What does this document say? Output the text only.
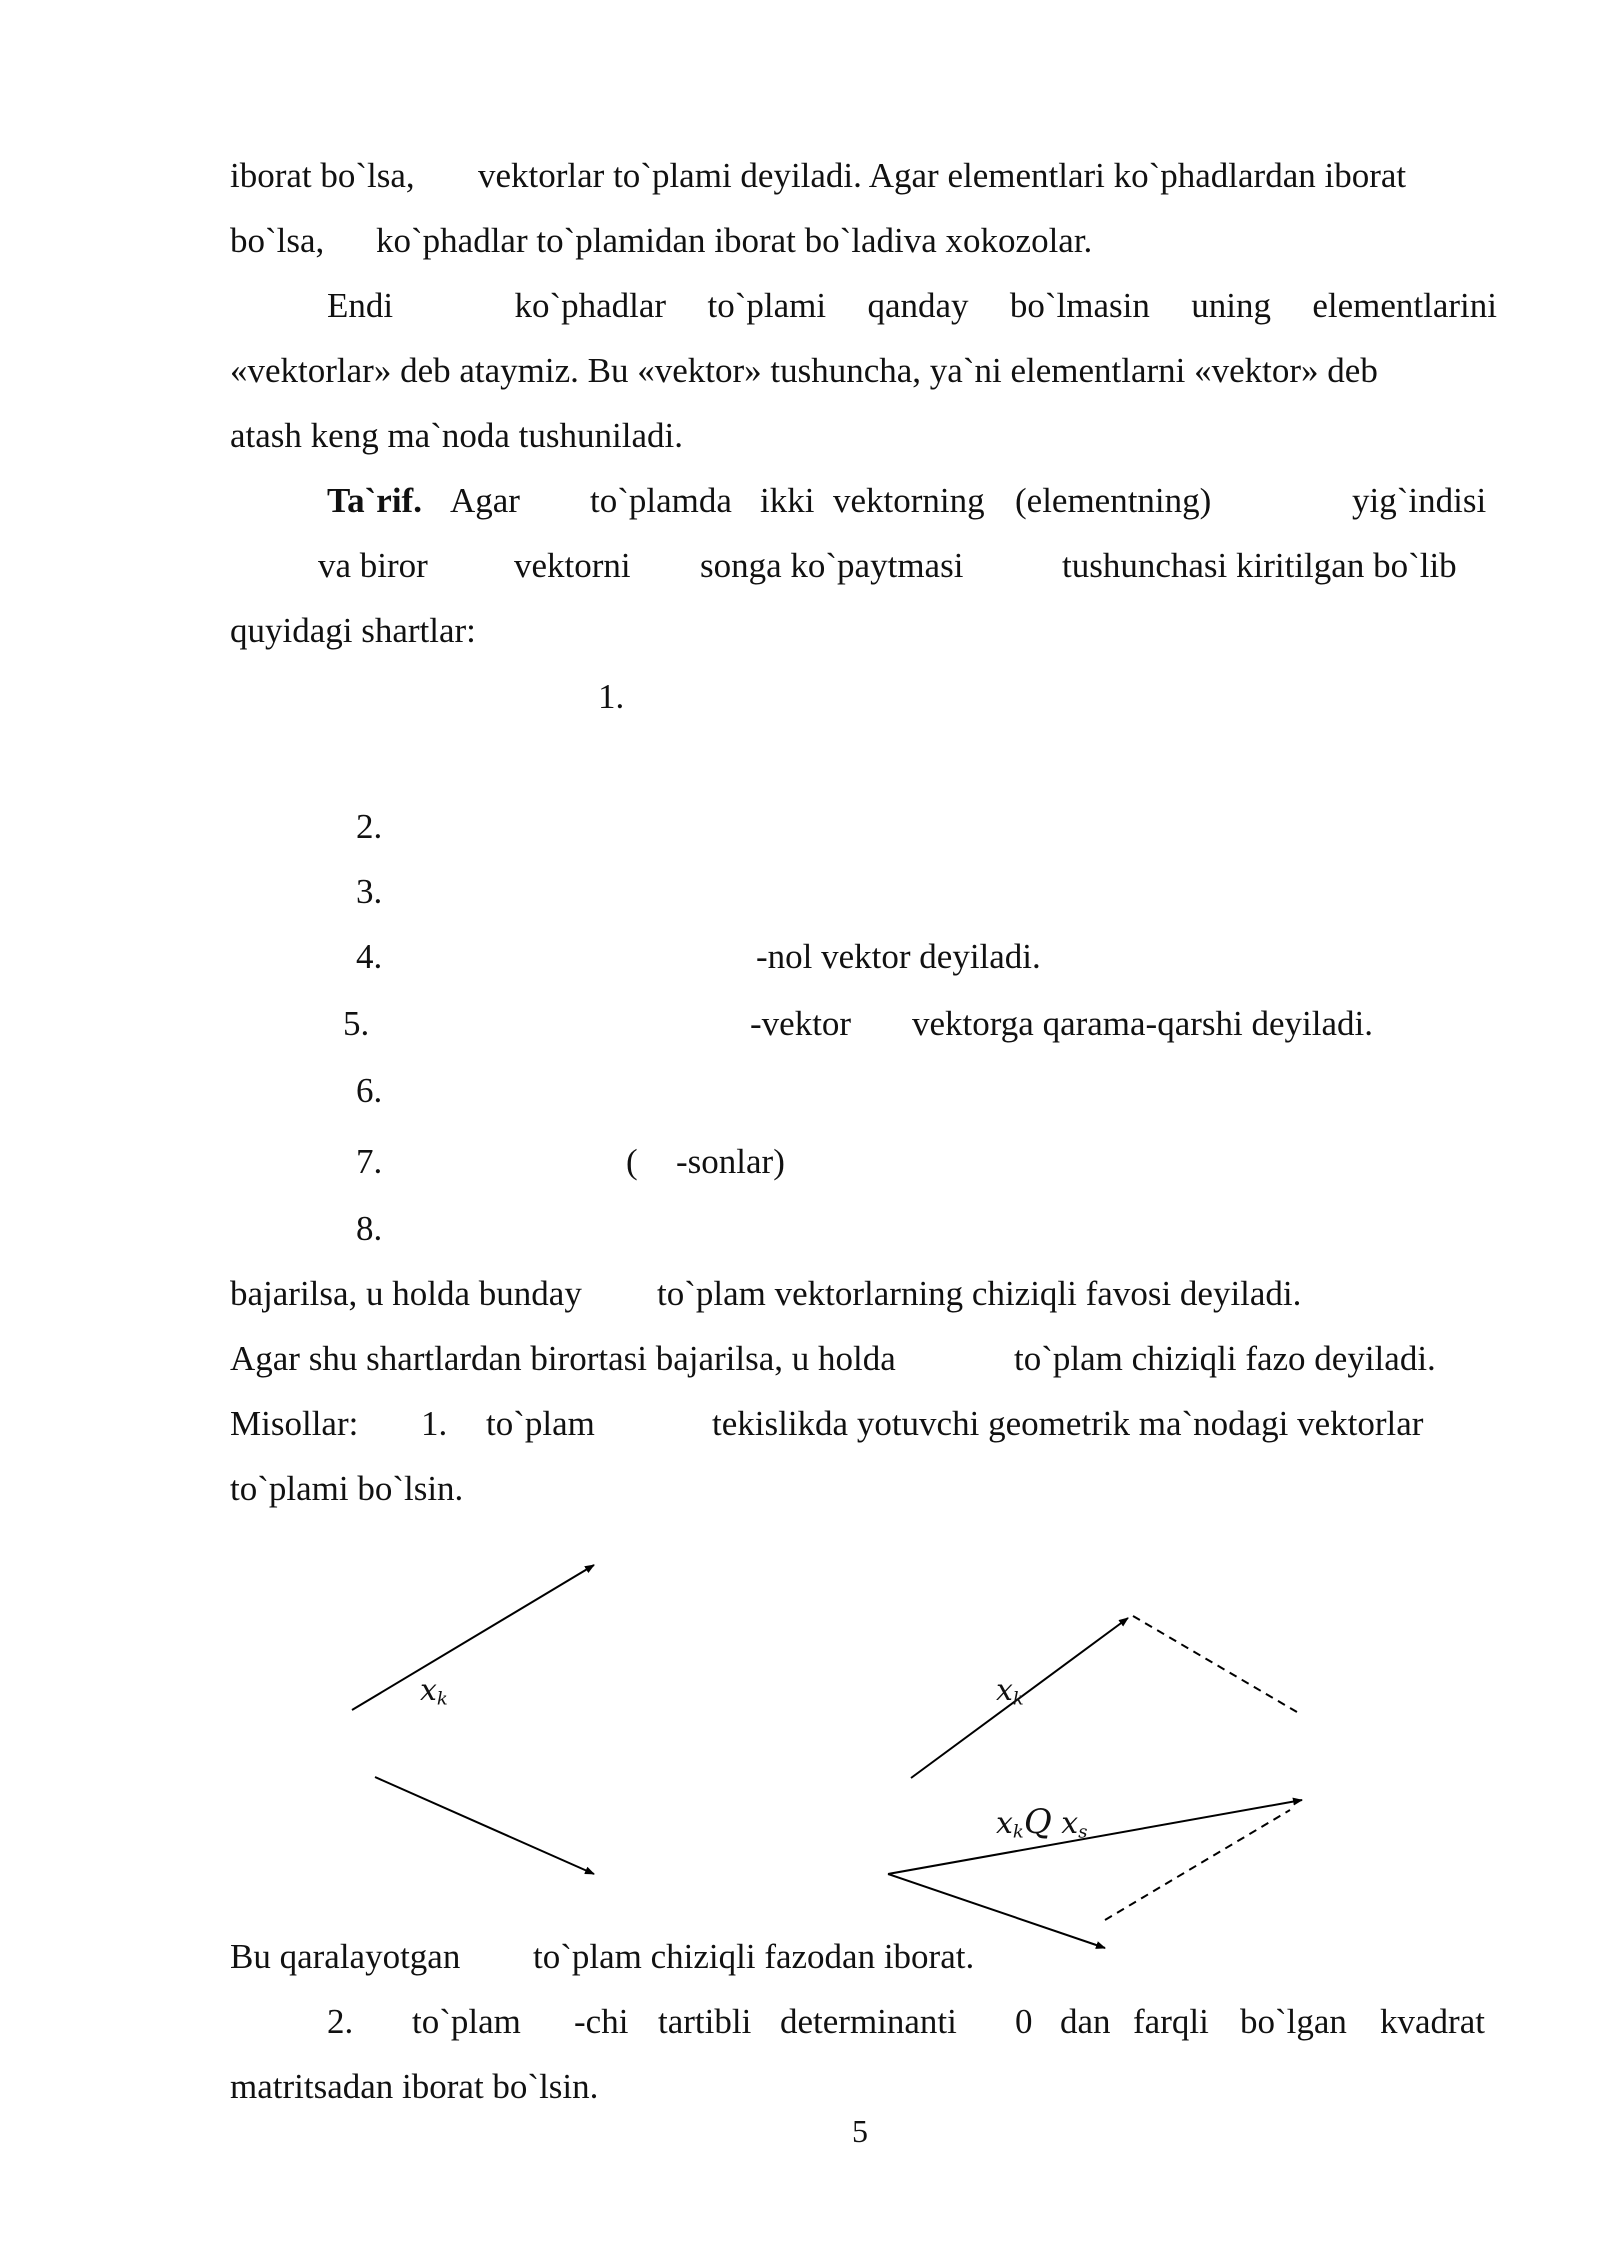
iborat bo`lsa, vektorlar to`plami deyiladi. Agar elementlari ko`phadlardan iborat
bo`lsa, ko`phadlar to`plamidan iborat bo`ladiva xokozolar.
Endi	ko`phadlar to`plami qanday bo`lmasin uning elementlarini
«vektorlar» deb ataymiz. Bu «vektor» tushuncha, ya`ni elementlarni «vektor» deb
atash keng ma`noda tushuniladi.
Ta`rif. Agar to`plamda ikki vektorning (elementning)	yig`indisi
va biror vektorni songa ko`paytmasi	tushunchasi kiritilgan bo`lib
quyidagi shartlar:
1.
2.
3.
4.	-nol vektor deyiladi.
5.	-vektor vektorga qarama-qarshi deyiladi.
6.
7.	( -sonlar)
8.
bajarilsa, u holda bunday to`plam vektorlarning chiziqli favosi deyiladi.
Agar shu shartlardan birortasi bajarilsa, u holda	to`plam chiziqli fazo deyiladi.
Misollar: 1. to`plam	tekislikda yotuvchi geometrik ma`nodagi vektorlar
to`plami bo`lsin.
$x_k$	$x_k$
$x_kQ$ $x_s$
Bu qaralayotgan to`plam chiziqli fazodan iborat.
2. to`plam -chi tartibli determinanti 0 dan farqli bo`lgan kvadrat
matritsadan iborat bo`lsin.
5
